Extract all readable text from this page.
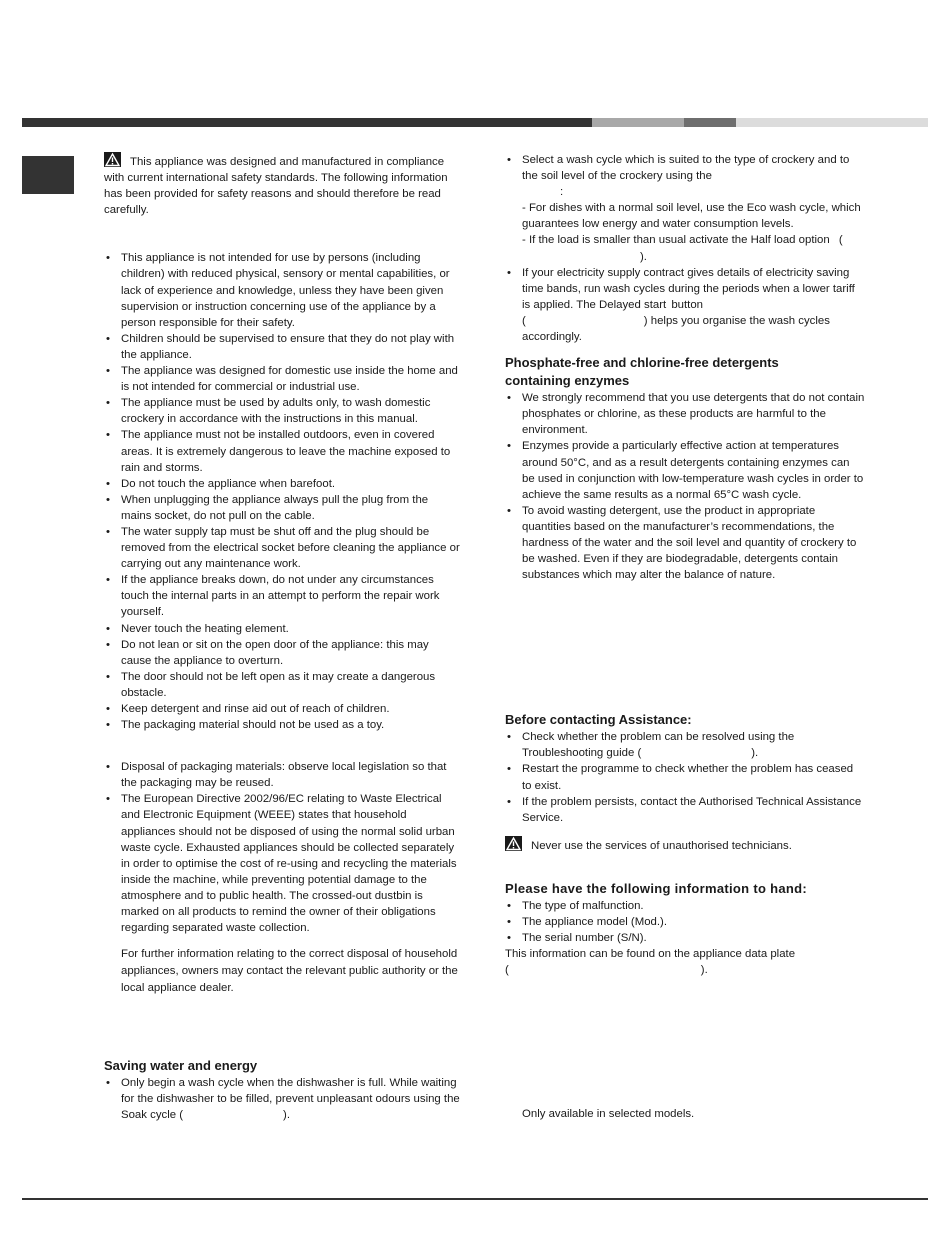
This appliance was designed and manufactured in compliance with current international safety standards. The following information has been provided for safety reasons and should therefore be read carefully.

• This appliance is not intended for use by persons (including children) with reduced physical, sensory or mental capabilities, or lack of experience and knowledge, unless they have been given supervision or instruction concerning use of the appliance by a person responsible for their safety.
• Children should be supervised to ensure that they do not play with the appliance.
• The appliance was designed for domestic use inside the home and is not intended for commercial or industrial use.
• The appliance must be used by adults only, to wash domestic crockery in accordance with the instructions in this manual.
• The appliance must not be installed outdoors, even in covered areas. It is extremely dangerous to leave the machine exposed to rain and storms.
• Do not touch the appliance when barefoot.
• When unplugging the appliance always pull the plug from the mains socket, do not pull on the cable.
• The water supply tap must be shut off and the plug should be removed from the electrical socket before cleaning the appliance or carrying out any maintenance work.
• If the appliance breaks down, do not under any circumstances touch the internal parts in an attempt to perform the repair work yourself.
• Never touch the heating element.
• Do not lean or sit on the open door of the appliance: this may cause the appliance to overturn.
• The door should not be left open as it may create a dangerous obstacle.
• Keep detergent and rinse aid out of reach of children.
• The packaging material should not be used as a toy.
• Disposal of packaging materials: observe local legislation so that the packaging may be reused.
• The European Directive 2002/96/EC relating to Waste Electrical and Electronic Equipment (WEEE) states that household appliances should not be disposed of using the normal solid urban waste cycle. Exhausted appliances should be collected separately in order to optimise the cost of re-using and recycling the materials inside the machine, while preventing potential damage to the atmosphere and to public health. The crossed-out dustbin is marked on all products to remind the owner of their obligations regarding separated waste collection.

For further information relating to the correct disposal of household appliances, owners may contact the relevant public authority or the local appliance dealer.

Saving water and energy

• Only begin a wash cycle when the dishwasher is full. While waiting for the dishwasher to be filled, prevent unpleasant odours using the Soak cycle (	).
• Select a wash cycle which is suited to the type of crockery and to the soil level of the crockery using the
:
- For dishes with a normal soil level, use the Eco wash cycle, which guarantees low energy and water consumption levels.
- If the load is smaller than usual activate the Half load option ().
• If your electricity supply contract gives details of electricity saving time bands, run wash cycles during the periods when a lower tariff is applied. The Delayed start button
(	) helps you organise the wash cycles accordingly.

Phosphate-free and chlorine-free detergents
containing enzymes

• We strongly recommend that you use detergents that do not contain phosphates or chlorine, as these products are harmful to the environment.
• Enzymes provide a particularly effective action at temperatures around 50°C, and as a result detergents containing enzymes can be used in conjunction with low-temperature wash cycles in order to achieve the same results as a normal 65°C wash cycle.
• To avoid wasting detergent, use the product in appropriate quantities based on the manufacturer’s recommendations, the hardness of the water and the soil level and quantity of crockery to be washed. Even if they are biodegradable, detergents contain substances which may alter the balance of nature.

Before contacting Assistance:

• Check whether the problem can be resolved using the Troubleshooting guide (	).
• Restart the programme to check whether the problem has ceased to exist.
• If the problem persists, contact the Authorised Technical Assistance Service.

Never use the services of unauthorised technicians.

Please have the following information to hand:

• The type of malfunction.
• The appliance model (Mod.).
• The serial number (S/N).

This information can be found on the appliance data plate

(	).

Only available in selected models.
